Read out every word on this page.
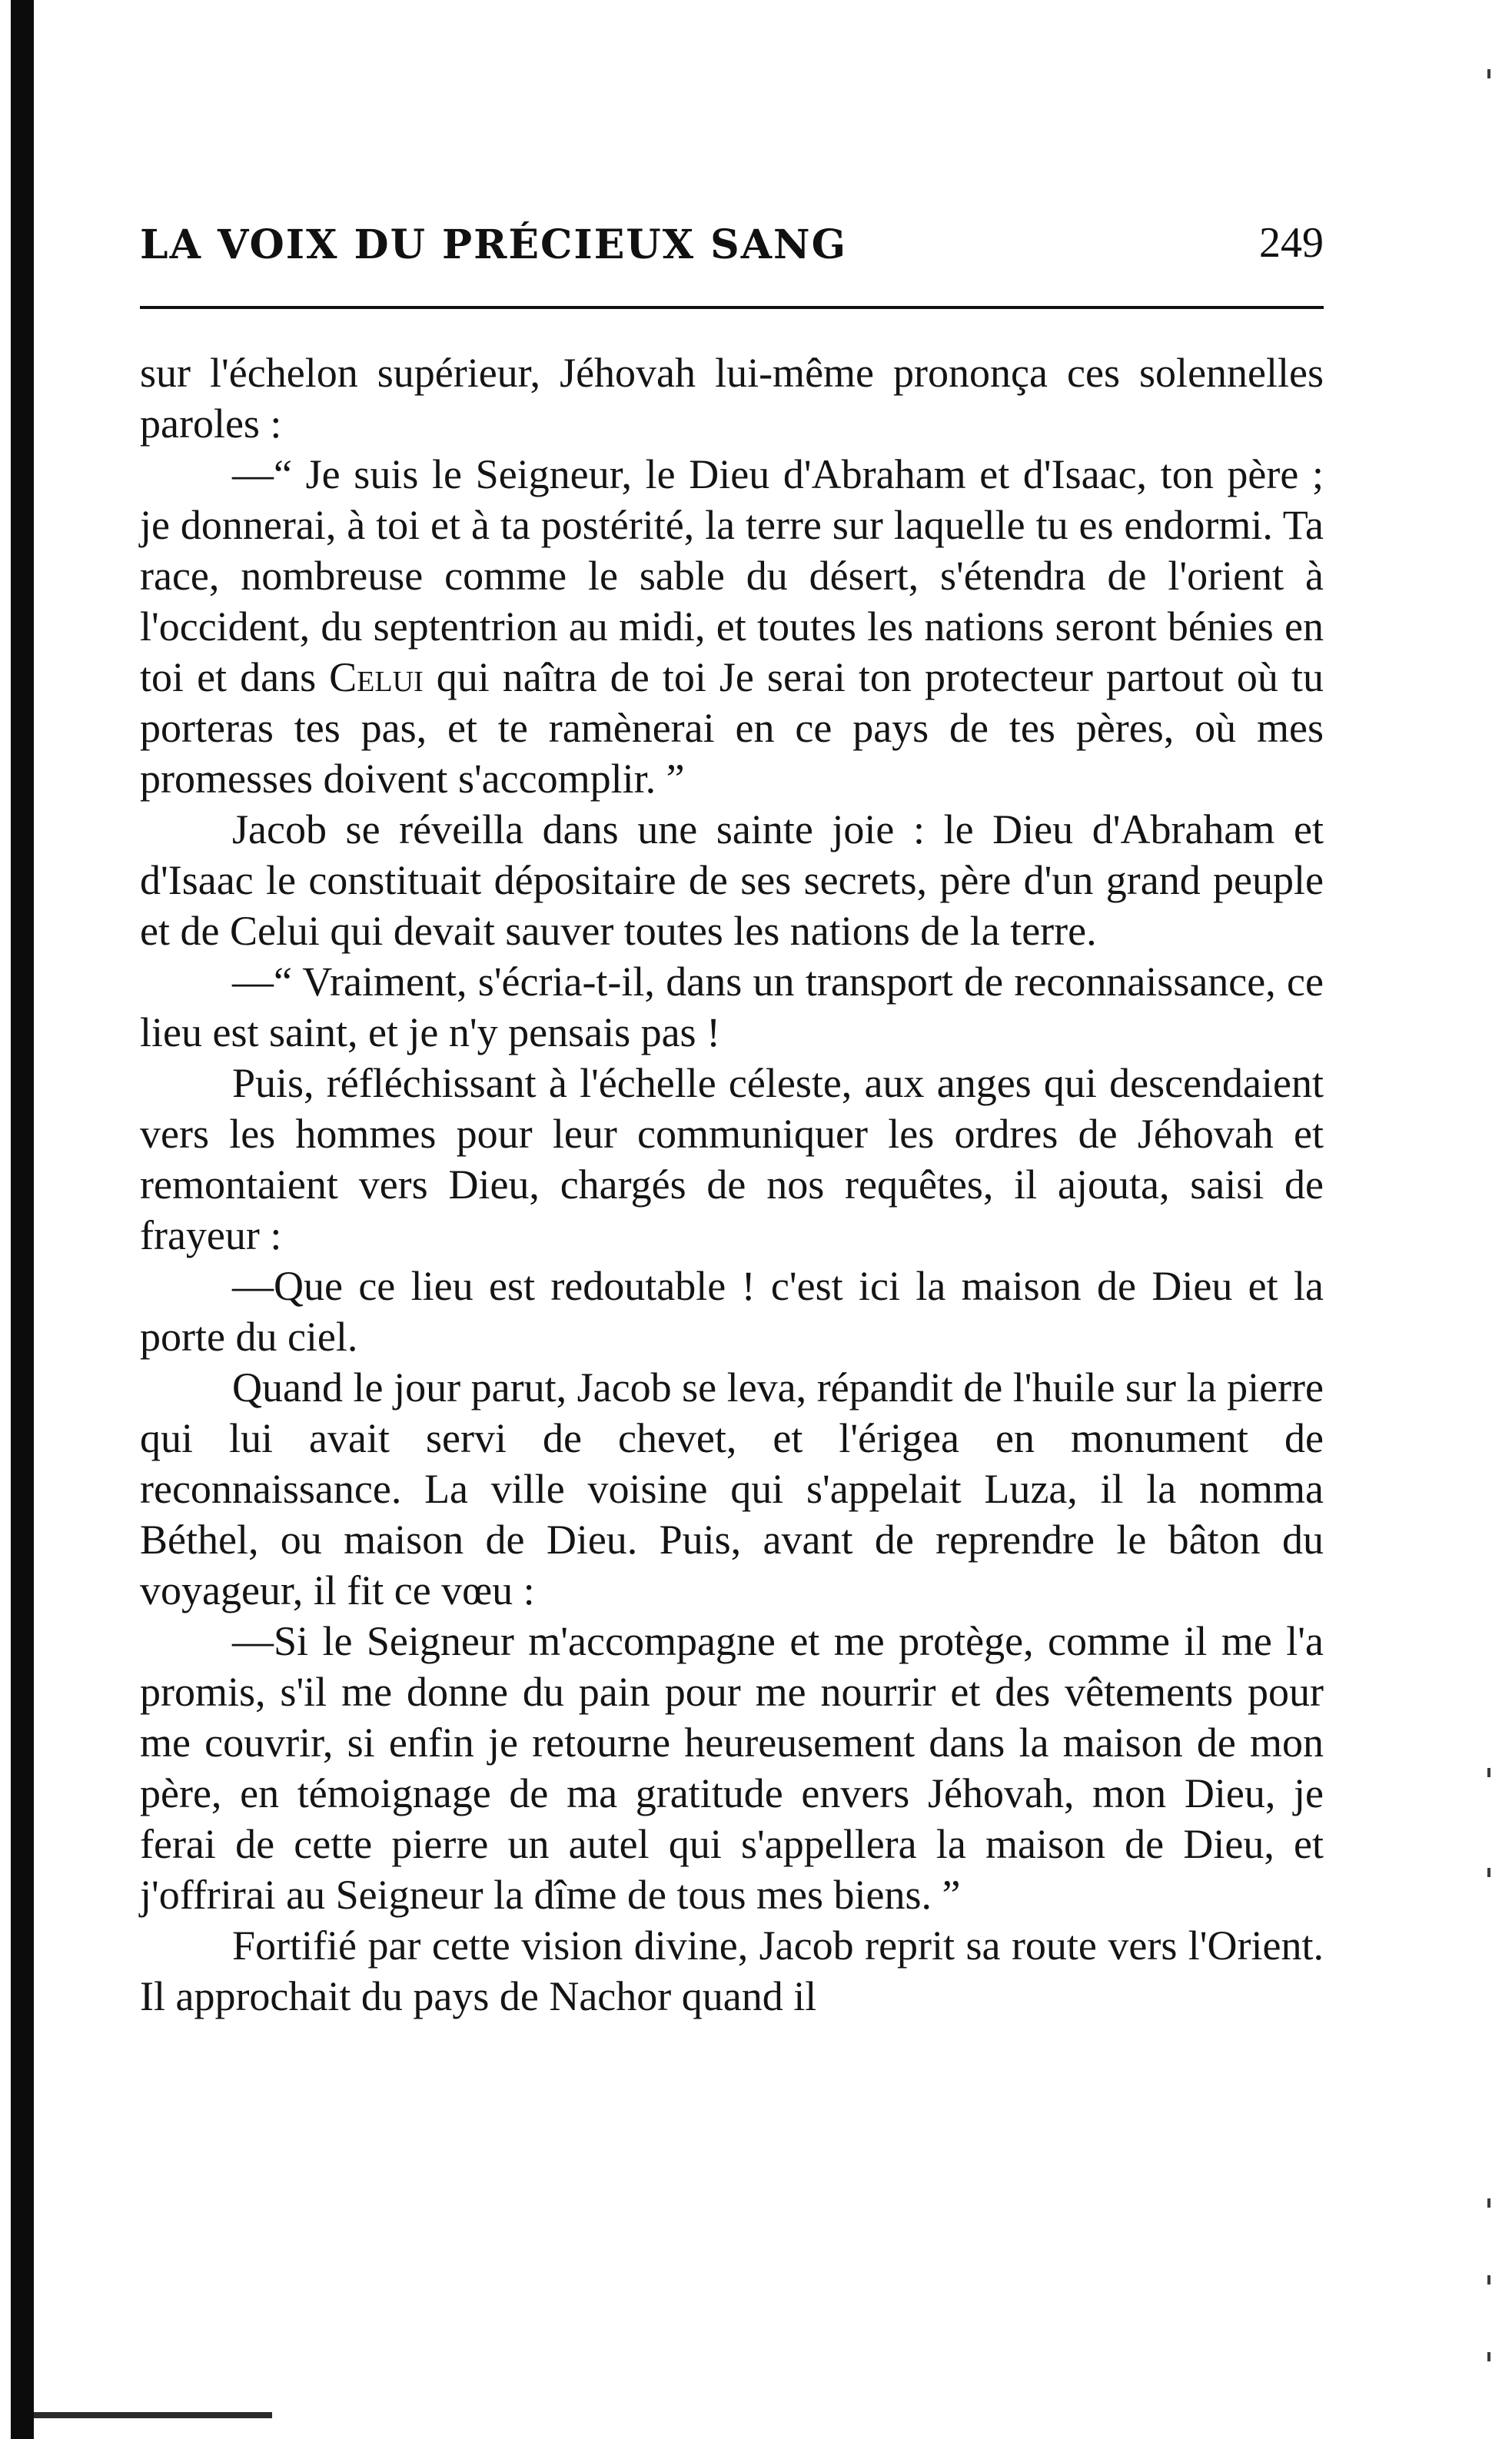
LA VOIX DU PRÉCIEUX SANG	249

sur l'échelon supérieur, Jéhovah lui-même prononça ces solennelles paroles :

—“ Je suis le Seigneur, le Dieu d'Abraham et d'Isaac, ton père ; je donnerai, à toi et à ta postérité, la terre sur laquelle tu es endormi. Ta race, nombreuse comme le sable du désert, s'étendra de l'orient à l'occident, du septentrion au midi, et toutes les nations seront bénies en toi et dans Celui qui naîtra de toi Je serai ton protecteur partout où tu porteras tes pas, et te ramènerai en ce pays de tes pères, où mes promesses doivent s'accomplir. ”

Jacob se réveilla dans une sainte joie : le Dieu d'Abraham et d'Isaac le constituait dépositaire de ses secrets, père d'un grand peuple et de Celui qui devait sauver toutes les nations de la terre.

—“ Vraiment, s'écria-t-il, dans un transport de reconnaissance, ce lieu est saint, et je n'y pensais pas !

Puis, réfléchissant à l'échelle céleste, aux anges qui descendaient vers les hommes pour leur communiquer les ordres de Jéhovah et remontaient vers Dieu, chargés de nos requêtes, il ajouta, saisi de frayeur :

—Que ce lieu est redoutable ! c'est ici la maison de Dieu et la porte du ciel.

Quand le jour parut, Jacob se leva, répandit de l'huile sur la pierre qui lui avait servi de chevet, et l'érigea en monument de reconnaissance. La ville voisine qui s'appelait Luza, il la nomma Béthel, ou maison de Dieu. Puis, avant de reprendre le bâton du voyageur, il fit ce vœu :

—Si le Seigneur m'accompagne et me protège, comme il me l'a promis, s'il me donne du pain pour me nourrir et des vêtements pour me couvrir, si enfin je retourne heureusement dans la maison de mon père, en témoignage de ma gratitude envers Jéhovah, mon Dieu, je ferai de cette pierre un autel qui s'appellera la maison de Dieu, et j'offrirai au Seigneur la dîme de tous mes biens. ”

Fortifié par cette vision divine, Jacob reprit sa route vers l'Orient. Il approchait du pays de Nachor quand il
